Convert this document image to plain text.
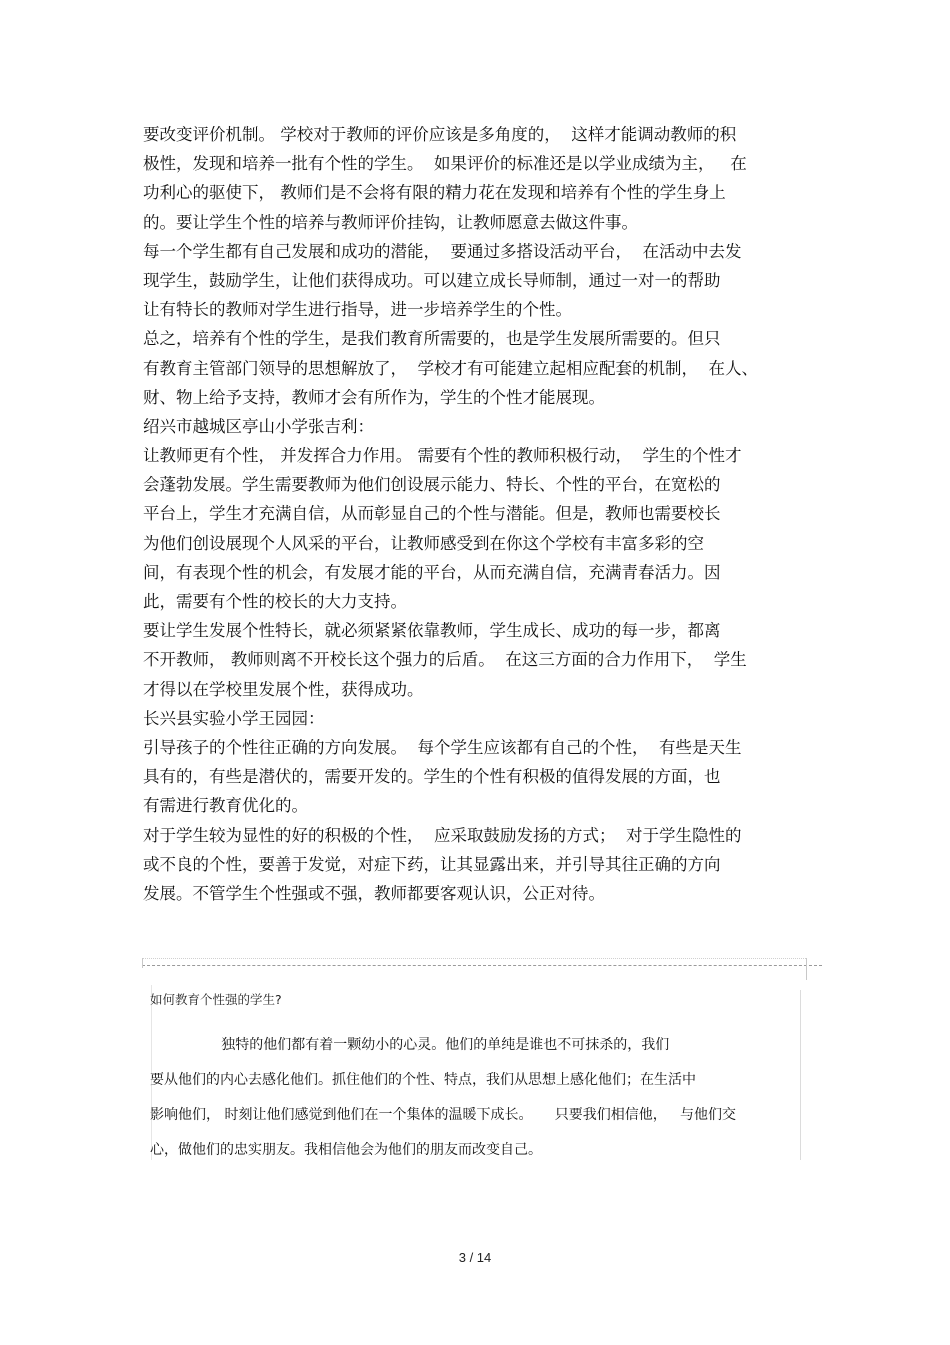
要改变评价机制。 学校对于教师的评价应该是多角度的，  这样才能调动教师的积
极性，发现和培养一批有个性的学生。  如果评价的标准还是以学业成绩为主，   在
功利心的驱使下， 教师们是不会将有限的精力花在发现和培养有个性的学生身上
的。要让学生个性的培养与教师评价挂钩，让教师愿意去做这件事。
每一个学生都有自己发展和成功的潜能，  要通过多搭设活动平台，  在活动中去发
现学生，鼓励学生，让他们获得成功。可以建立成长导师制，通过一对一的帮助
让有特长的教师对学生进行指导，进一步培养学生的个性。
总之，培养有个性的学生，是我们教育所需要的，也是学生发展所需要的。但只
有教育主管部门领导的思想解放了，  学校才有可能建立起相应配套的机制，  在人、
财、物上给予支持，教师才会有所作为，学生的个性才能展现。
绍兴市越城区亭山小学张吉利：
让教师更有个性， 并发挥合力作用。 需要有个性的教师积极行动，  学生的个性才
会蓬勃发展。学生需要教师为他们创设展示能力、特长、个性的平台，在宽松的
平台上，学生才充满自信，从而彰显自己的个性与潜能。但是，教师也需要校长
为他们创设展现个人风采的平台，让教师感受到在你这个学校有丰富多彩的空
间，有表现个性的机会，有发展才能的平台，从而充满自信，充满青春活力。因
此，需要有个性的校长的大力支持。
要让学生发展个性特长，就必须紧紧依靠教师，学生成长、成功的每一步，都离
不开教师， 教师则离不开校长这个强力的后盾。  在这三方面的合力作用下，  学生
才得以在学校里发展个性，获得成功。
长兴县实验小学王园园：
引导孩子的个性往正确的方向发展。  每个学生应该都有自己的个性，  有些是天生
具有的，有些是潜伏的，需要开发的。学生的个性有积极的值得发展的方面，也
有需进行教育优化的。
对于学生较为显性的好的积极的个性，  应采取鼓励发扬的方式；  对于学生隐性的
或不良的个性，要善于发觉，对症下药，让其显露出来，并引导其往正确的方向
发展。不管学生个性强或不强，教师都要客观认识，公正对待。
如何教育个性强的学生?
独特的他们都有着一颗幼小的心灵。他们的单纯是谁也不可抹杀的，我们
要从他们的内心去感化他们。抓住他们的个性、特点，我们从思想上感化他们；在生活中
影响他们， 时刻让他们感觉到他们在一个集体的温暖下成长。     只要我们相信他，   与他们交
心，做他们的忠实朋友。我相信他会为他们的朋友而改变自己。
3 / 14
